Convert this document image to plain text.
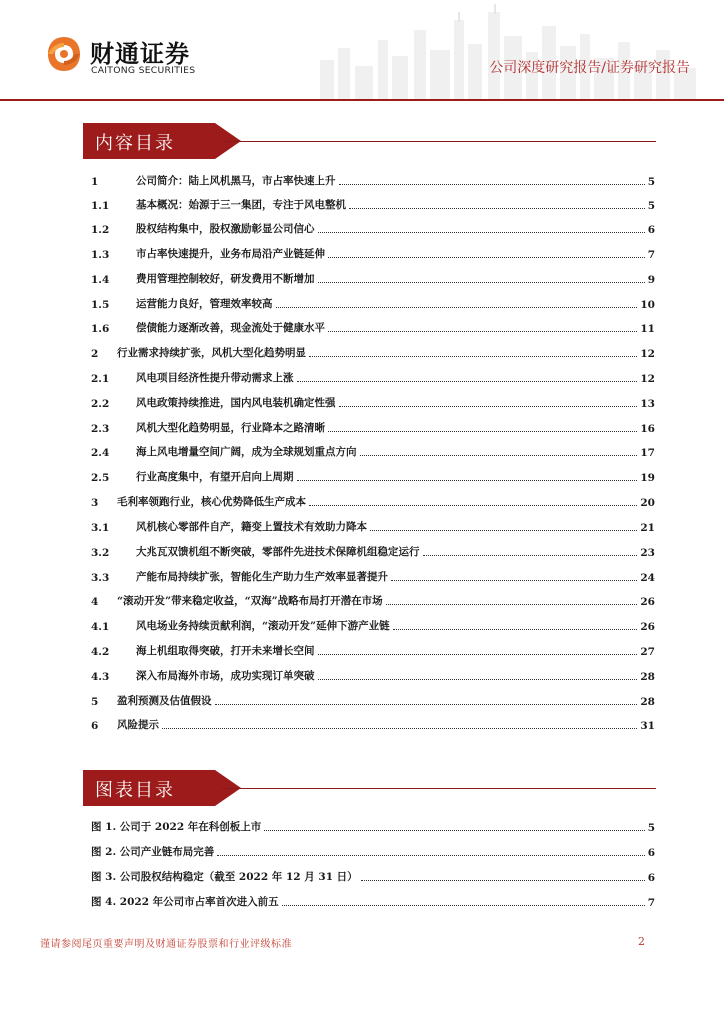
财通证券
CAITONG SECURITIES	公司深度研究报告/证券研究报告
内容目录
1	公司简介：陆上风机黑马，市占率快速上升	5
1.1	基本概况：始源于三一集团，专注于风电整机	5
1.2	股权结构集中，股权激励彰显公司信心	6
1.3	市占率快速提升，业务布局沿产业链延伸	7
1.4	费用管理控制较好，研发费用不断增加	9
1.5	运营能力良好，管理效率较高	10
1.6	偿债能力逐渐改善，现金流处于健康水平	11
2	行业需求持续扩张，风机大型化趋势明显	12
2.1	风电项目经济性提升带动需求上涨	12
2.2	风电政策持续推进，国内风电装机确定性强	13
2.3	风机大型化趋势明显，行业降本之路清晰	16
2.4	海上风电增量空间广阔，成为全球规划重点方向	17
2.5	行业高度集中，有望开启向上周期	19
3	毛利率领跑行业，核心优势降低生产成本	20
3.1	风机核心零部件自产，籍变上置技术有效助力降本	21
3.2	大兆瓦双馈机组不断突破，零部件先进技术保障机组稳定运行	23
3.3	产能布局持续扩张，智能化生产助力生产效率显著提升	24
4	“滚动开发”带来稳定收益，“双海”战略布局打开潜在市场	26
4.1	风电场业务持续贡献利润，“滚动开发”延伸下游产业链	26
4.2	海上机组取得突破，打开未来增长空间	27
4.3	深入布局海外市场，成功实现订单突破	28
5	盈利预测及估值假设	28
6	风险提示	31
图表目录
图 1. 公司于 2022 年在科创板上市	5
图 2. 公司产业链布局完善	6
图 3. 公司股权结构稳定（截至 2022 年 12 月 31 日）	6
图 4. 2022 年公司市占率首次进入前五	7
谨请参阅尾页重要声明及财通证券股票和行业评级标准	2
